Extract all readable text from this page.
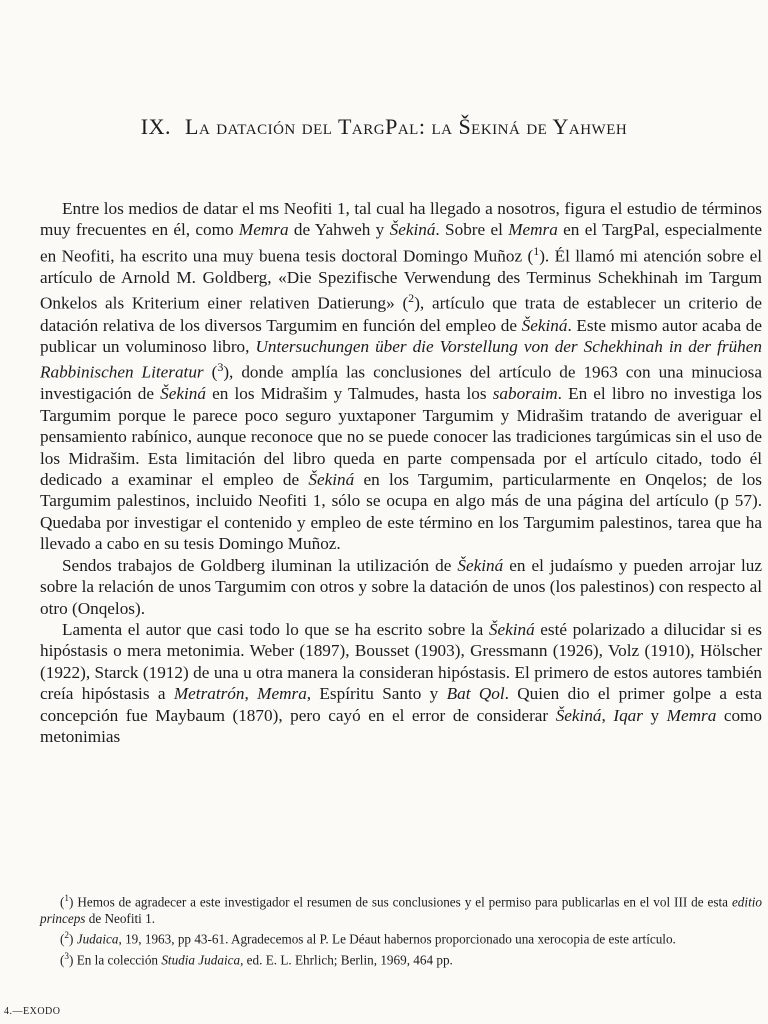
IX. La datación del TargPal: la Šekiná de Yahweh

Entre los medios de datar el ms Neofiti 1, tal cual ha llegado a nosotros, figura el estudio de términos muy frecuentes en él, como Memra de Yahweh y Šekiná. Sobre el Memra en el TargPal, especialmente en Neofiti, ha escrito una muy buena tesis doctoral Domingo Muñoz ($^1$). Él llamó mi atención sobre el artículo de Arnold M. Goldberg, «Die Spezifische Verwendung des Terminus Schekhinah im Targum Onkelos als Kriterium einer relativen Datierung» ($^2$), artículo que trata de establecer un criterio de datación relativa de los diversos Targumim en función del empleo de Šekiná. Este mismo autor acaba de publicar un voluminoso libro, Untersuchungen über die Vorstellung von der Schekhinah in der frühen Rabbinischen Literatur ($^3$), donde amplía las conclusiones del artículo de 1963 con una minuciosa investigación de Šekiná en los Midrašim y Talmudes, hasta los saboraim. En el libro no investiga los Targumim porque le parece poco seguro yuxtaponer Targumim y Midrašim tratando de averiguar el pensamiento rabínico, aunque reconoce que no se puede conocer las tradiciones targúmicas sin el uso de los Midrašim. Esta limitación del libro queda en parte compensada por el artículo citado, todo él dedicado a examinar el empleo de Šekiná en los Targumim, particularmente en Onqelos; de los Targumim palestinos, incluido Neofiti 1, sólo se ocupa en algo más de una página del artículo (p 57). Quedaba por investigar el contenido y empleo de este término en los Targumim palestinos, tarea que ha llevado a cabo en su tesis Domingo Muñoz.

Sendos trabajos de Goldberg iluminan la utilización de Šekiná en el judaísmo y pueden arrojar luz sobre la relación de unos Targumim con otros y sobre la datación de unos (los palestinos) con respecto al otro (Onqelos).

Lamenta el autor que casi todo lo que se ha escrito sobre la Šekiná esté polarizado a dilucidar si es hipóstasis o mera metonimia. Weber (1897), Bousset (1903), Gressmann (1926), Volz (1910), Hölscher (1922), Starck (1912) de una u otra manera la consideran hipóstasis. El primero de estos autores también creía hipóstasis a Metratrón, Memra, Espíritu Santo y Bat Qol. Quien dio el primer golpe a esta concepción fue Maybaum (1870), pero cayó en el error de considerar Šekiná, Iqar y Memra como metonimias

($^1$) Hemos de agradecer a este investigador el resumen de sus conclusiones y el permiso para publicarlas en el vol III de esta editio princeps de Neofiti 1.

($^2$) Judaica, 19, 1963, pp 43-61. Agradecemos al P. Le Déaut habernos proporcionado una xerocopia de este artículo.

($^3$) En la colección Studia Judaica, ed. E. L. Ehrlich; Berlin, 1969, 464 pp.

4.—EXODO
